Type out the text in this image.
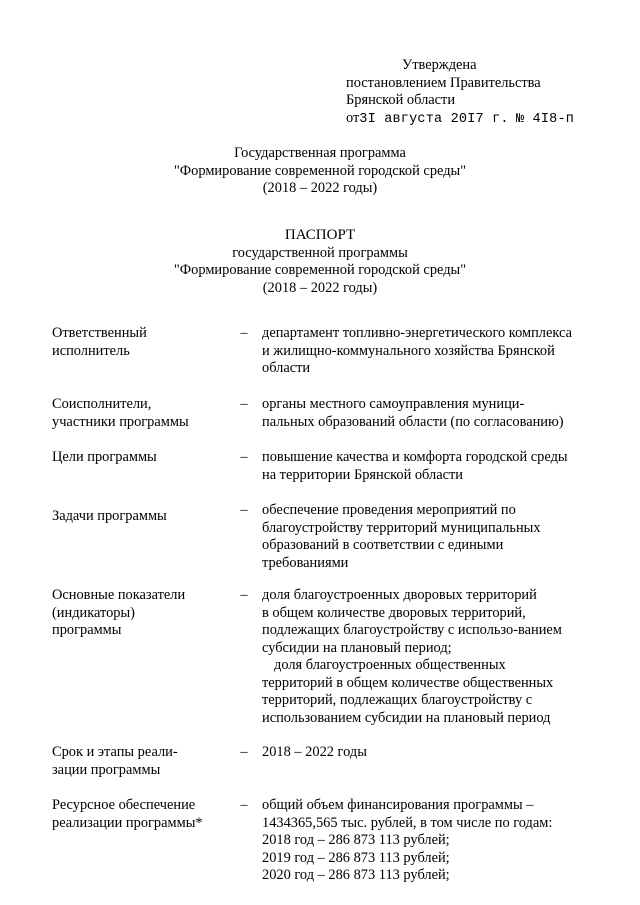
Утверждена
постановлением Правительства
Брянской области
от3I августа 20I7 г. № 4I8-п
Государственная программа
"Формирование современной городской среды"
(2018 – 2022 годы)
ПАСПОРТ
государственной программы
"Формирование современной городской среды"
(2018 – 2022 годы)
Ответственный
исполнитель
– департамент топливно-энергетического комплекса
и жилищно-коммунального хозяйства Брянской
области
Соисполнители,
участники программы
– органы местного самоуправления муници-
пальных образований области (по согласованию)
Цели программы	– повышение качества и комфорта городской среды
на территории Брянской области
Задачи программы	– обеспечение проведения мероприятий по
благоустройству территорий муниципальных
образований в соответствии с едиными
требованиями
Основные показатели
(индикаторы)
программы
– доля благоустроенных дворовых территорий
в общем количестве дворовых территорий,
подлежащих благоустройству с использо-ванием
субсидии на плановый период;
доля благоустроенных общественных
территорий в общем количестве общественных
территорий, подлежащих благоустройству с
использованием субсидии на плановый период
Срок и этапы реали-
зации программы
– 2018 – 2022 годы
Ресурсное обеспечение
реализации программы*
– общий объем финансирования программы –
1434365,565 тыс. рублей, в том числе по годам:
2018 год – 286 873 113 рублей;
2019 год – 286 873 113 рублей;
2020 год – 286 873 113 рублей;
